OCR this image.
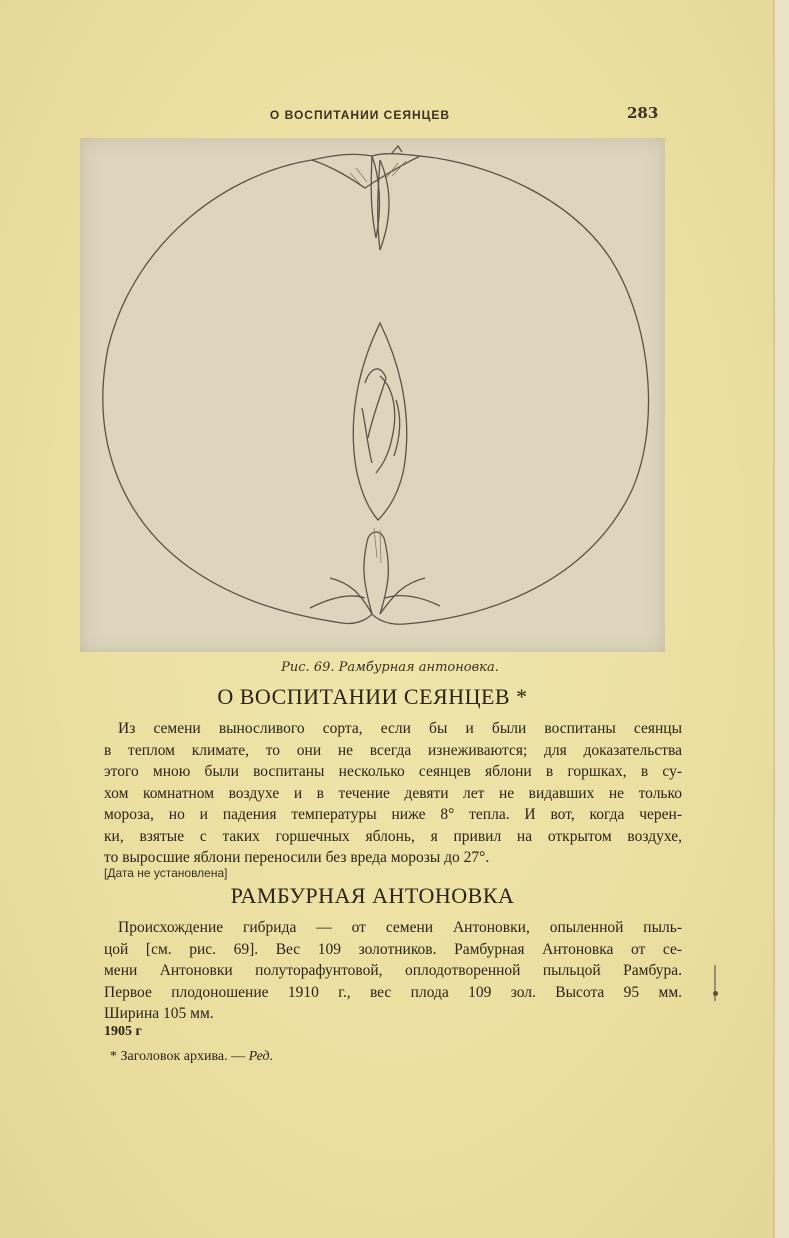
О ВОСПИТАНИИ СЕЯНЦЕВ	283
Рис. 69. Рамбурная антоновка.
О ВОСПИТАНИИ СЕЯНЦЕВ *
Из семени выносливого сорта, если бы и были воспитаны сеянцы
в теплом климате, то они не всегда изнеживаются; для доказательства
этого мною были воспитаны несколько сеянцев яблони в горшках, в су-
хом комнатном воздухе и в течение девяти лет не видавших не только
мороза, но и падения температуры ниже 8° тепла. И вот, когда черен-
ки, взятые с таких горшечных яблонь, я привил на открытом воздухе,
то выросшие яблони переносили без вреда морозы до 27°.
[Дата не установлена]
РАМБУРНАЯ АНТОНОВКА
Происхождение гибрида — от семени Антоновки, опыленной пыль-
цой [см. рис. 69]. Вес 109 золотников. Рамбурная Антоновка от се-
мени Антоновки полуторафунтовой, оплодотворенной пыльцой Рамбура.
Первое плодоношение 1910 г., вес плода 109 зол. Высота 95 мм.
Ширина 105 мм.
1905 г
* Заголовок архива. — Ред.
